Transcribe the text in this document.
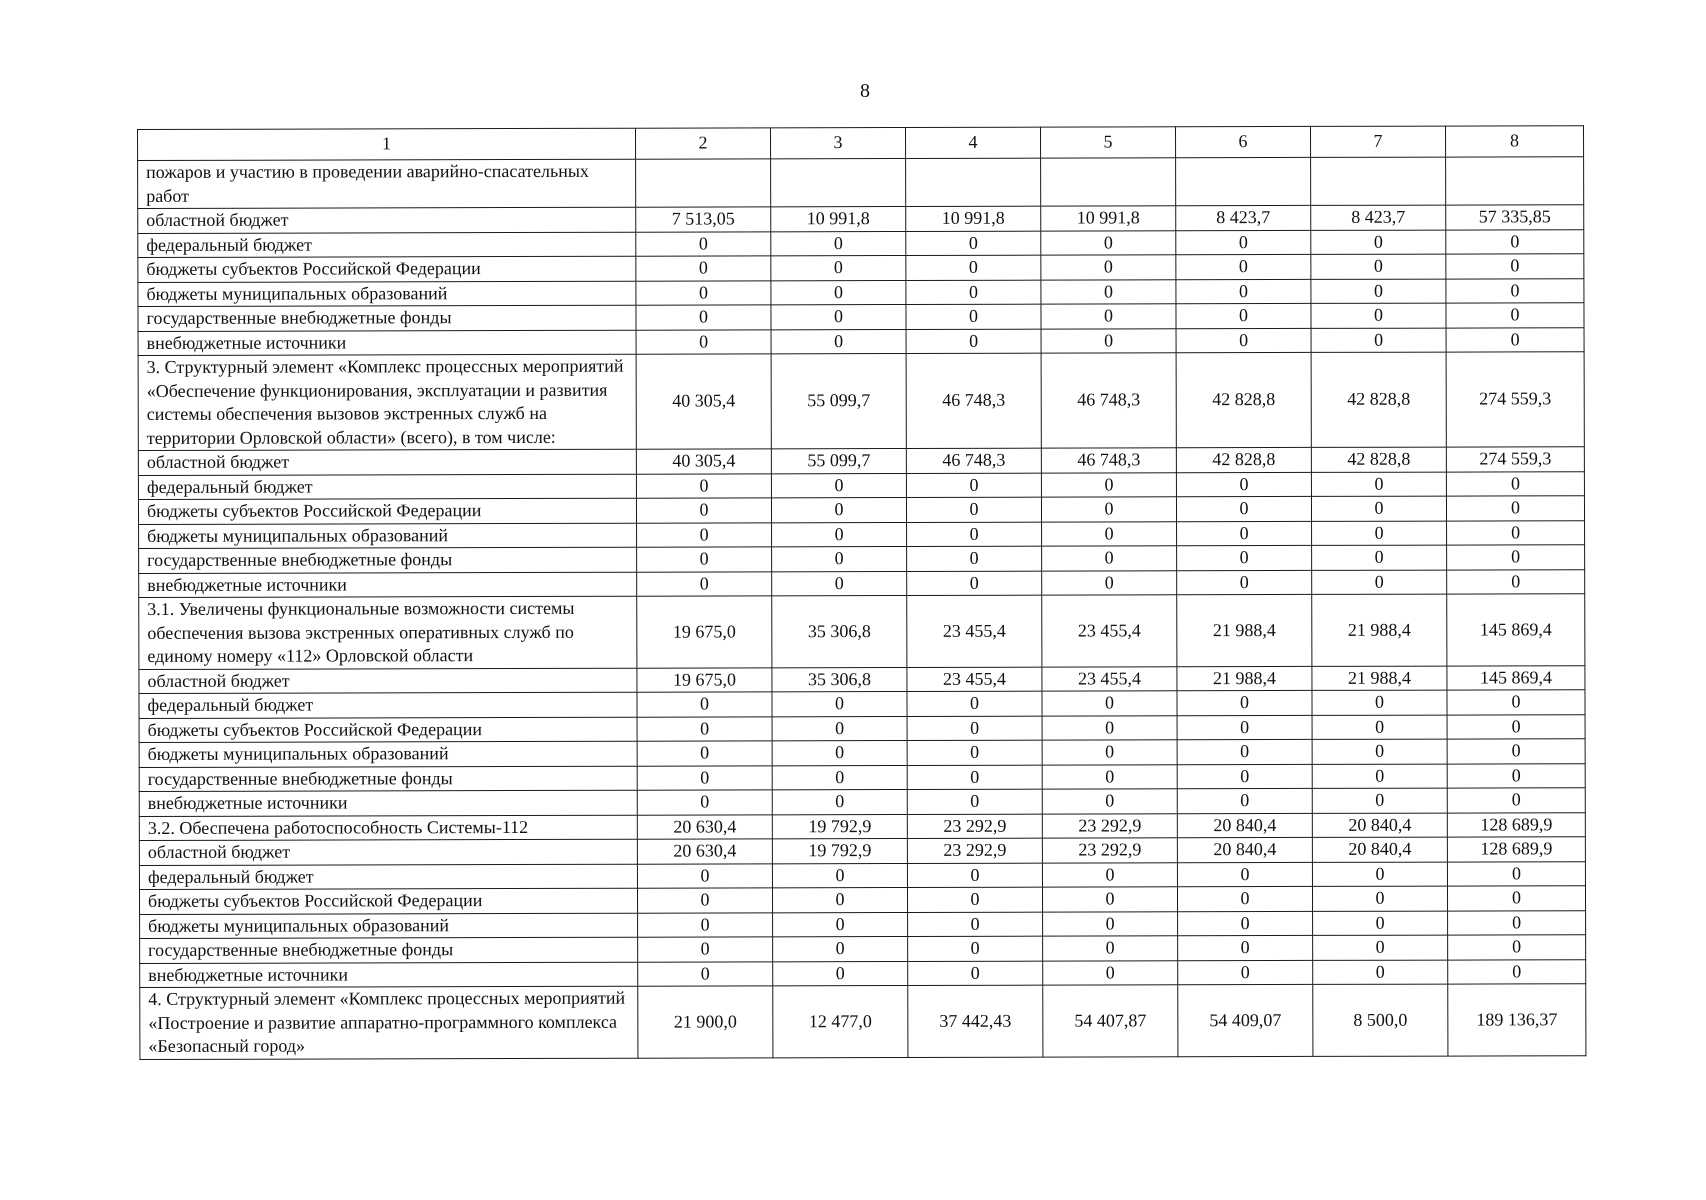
8
1	2	3	4	5	6	7	8
пожаров и участию в проведении аварийно-спасательных работ							
областной бюджет	7 513,05	10 991,8	10 991,8	10 991,8	8 423,7	8 423,7	57 335,85
федеральный бюджет	0	0	0	0	0	0	0
бюджеты субъектов Российской Федерации	0	0	0	0	0	0	0
бюджеты муниципальных образований	0	0	0	0	0	0	0
государственные внебюджетные фонды	0	0	0	0	0	0	0
внебюджетные источники	0	0	0	0	0	0	0
3. Структурный элемент «Комплекс процессных мероприятий «Обеспечение функционирования, эксплуатации и развития системы обеспечения вызовов экстренных служб на территории Орловской области» (всего), в том числе:	40 305,4	55 099,7	46 748,3	46 748,3	42 828,8	42 828,8	274 559,3
областной бюджет	40 305,4	55 099,7	46 748,3	46 748,3	42 828,8	42 828,8	274 559,3
федеральный бюджет	0	0	0	0	0	0	0
бюджеты субъектов Российской Федерации	0	0	0	0	0	0	0
бюджеты муниципальных образований	0	0	0	0	0	0	0
государственные внебюджетные фонды	0	0	0	0	0	0	0
внебюджетные источники	0	0	0	0	0	0	0
3.1. Увеличены функциональные возможности системы обеспечения вызова экстренных оперативных служб по единому номеру «112» Орловской области	19 675,0	35 306,8	23 455,4	23 455,4	21 988,4	21 988,4	145 869,4
областной бюджет	19 675,0	35 306,8	23 455,4	23 455,4	21 988,4	21 988,4	145 869,4
федеральный бюджет	0	0	0	0	0	0	0
бюджеты субъектов Российской Федерации	0	0	0	0	0	0	0
бюджеты муниципальных образований	0	0	0	0	0	0	0
государственные внебюджетные фонды	0	0	0	0	0	0	0
внебюджетные источники	0	0	0	0	0	0	0
3.2. Обеспечена работоспособность Системы-112	20 630,4	19 792,9	23 292,9	23 292,9	20 840,4	20 840,4	128 689,9
областной бюджет	20 630,4	19 792,9	23 292,9	23 292,9	20 840,4	20 840,4	128 689,9
федеральный бюджет	0	0	0	0	0	0	0
бюджеты субъектов Российской Федерации	0	0	0	0	0	0	0
бюджеты муниципальных образований	0	0	0	0	0	0	0
государственные внебюджетные фонды	0	0	0	0	0	0	0
внебюджетные источники	0	0	0	0	0	0	0
4. Структурный элемент «Комплекс процессных мероприятий «Построение и развитие аппаратно-программного комплекса «Безопасный город»	21 900,0	12 477,0	37 442,43	54 407,87	54 409,07	8 500,0	189 136,37
